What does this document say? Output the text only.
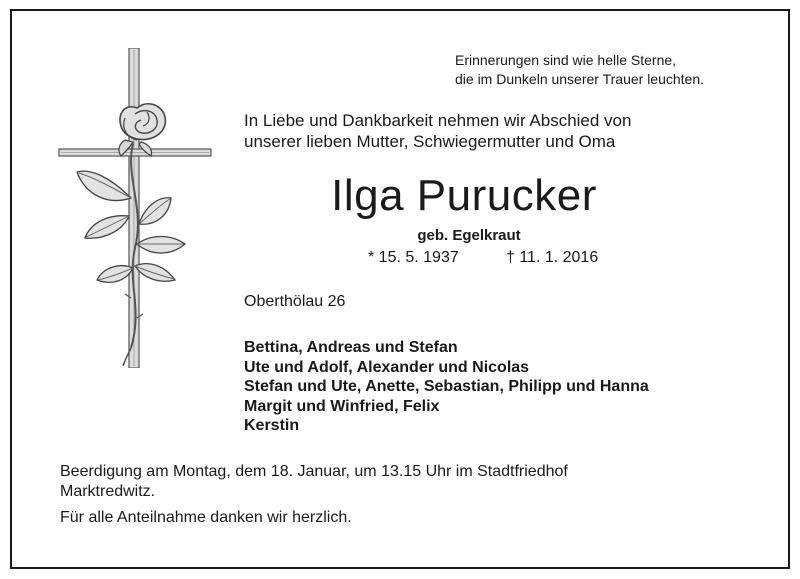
Erinnerungen sind wie helle Sterne,
die im Dunkeln unserer Trauer leuchten.
In Liebe und Dankbarkeit nehmen wir Abschied von
unserer lieben Mutter, Schwiegermutter und Oma
Ilga Purucker
geb. Egelkraut
* 15. 5. 1937	† 11. 1. 2016
Oberthölau 26
Bettina, Andreas und Stefan
Ute und Adolf, Alexander und Nicolas
Stefan und Ute, Anette, Sebastian, Philipp und Hanna
Margit und Winfried, Felix
Kerstin
Beerdigung am Montag, dem 18. Januar, um 13.15 Uhr im Stadtfriedhof
Marktredwitz.
Für alle Anteilnahme danken wir herzlich.
